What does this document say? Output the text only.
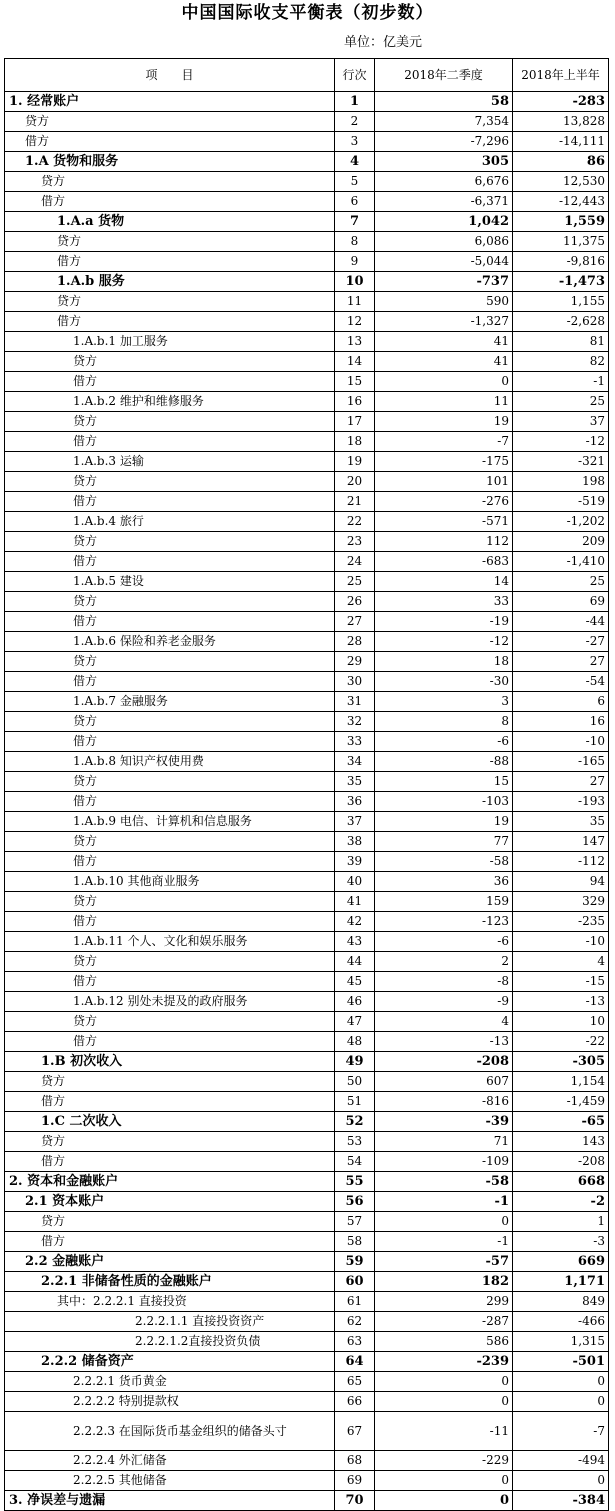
中国国际收支平衡表（初步数）
单位：亿美元
项　　目	行次	2018年二季度	2018年上半年
1. 经常账户	1	58	-283
贷方	2	7,354	13,828
借方	3	-7,296	-14,111
1.A 货物和服务	4	305	86
贷方	5	6,676	12,530
借方	6	-6,371	-12,443
1.A.a 货物	7	1,042	1,559
贷方	8	6,086	11,375
借方	9	-5,044	-9,816
1.A.b 服务	10	-737	-1,473
贷方	11	590	1,155
借方	12	-1,327	-2,628
1.A.b.1 加工服务	13	41	81
贷方	14	41	82
借方	15	0	-1
1.A.b.2 维护和维修服务	16	11	25
贷方	17	19	37
借方	18	-7	-12
1.A.b.3 运输	19	-175	-321
贷方	20	101	198
借方	21	-276	-519
1.A.b.4 旅行	22	-571	-1,202
贷方	23	112	209
借方	24	-683	-1,410
1.A.b.5 建设	25	14	25
贷方	26	33	69
借方	27	-19	-44
1.A.b.6 保险和养老金服务	28	-12	-27
贷方	29	18	27
借方	30	-30	-54
1.A.b.7 金融服务	31	3	6
贷方	32	8	16
借方	33	-6	-10
1.A.b.8 知识产权使用费	34	-88	-165
贷方	35	15	27
借方	36	-103	-193
1.A.b.9 电信、计算机和信息服务	37	19	35
贷方	38	77	147
借方	39	-58	-112
1.A.b.10 其他商业服务	40	36	94
贷方	41	159	329
借方	42	-123	-235
1.A.b.11 个人、文化和娱乐服务	43	-6	-10
贷方	44	2	4
借方	45	-8	-15
1.A.b.12 别处未提及的政府服务	46	-9	-13
贷方	47	4	10
借方	48	-13	-22
1.B 初次收入	49	-208	-305
贷方	50	607	1,154
借方	51	-816	-1,459
1.C 二次收入	52	-39	-65
贷方	53	71	143
借方	54	-109	-208
2. 资本和金融账户	55	-58	668
2.1 资本账户	56	-1	-2
贷方	57	0	1
借方	58	-1	-3
2.2 金融账户	59	-57	669
2.2.1 非储备性质的金融账户	60	182	1,171
其中：2.2.2.1 直接投资	61	299	849
2.2.2.1.1 直接投资资产	62	-287	-466
2.2.2.1.2直接投资负债	63	586	1,315
2.2.2 储备资产	64	-239	-501
2.2.2.1 货币黄金	65	0	0
2.2.2.2 特别提款权	66	0	0
2.2.2.3 在国际货币基金组织的储备头寸	67	-11	-7
2.2.2.4 外汇储备	68	-229	-494
2.2.2.5 其他储备	69	0	0
3. 净误差与遗漏	70	0	-384
